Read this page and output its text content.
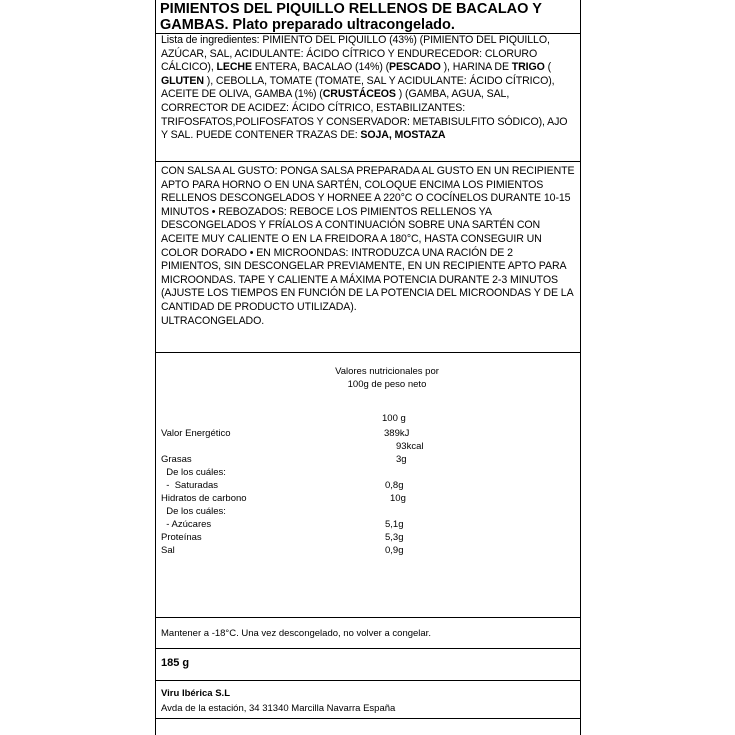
PIMIENTOS DEL PIQUILLO RELLENOS DE BACALAO Y
GAMBAS. Plato preparado ultracongelado.
Lista de ingredientes: PIMIENTO DEL PIQUILLO (43%) (PIMIENTO DEL PIQUILLO, AZÚCAR, SAL, ACIDULANTE: ÁCIDO CÍTRICO Y ENDURECEDOR: CLORURO CÁLCICO), LECHE ENTERA, BACALAO (14%) (PESCADO ), HARINA DE TRIGO ( GLUTEN ), CEBOLLA, TOMATE (TOMATE, SAL Y ACIDULANTE: ÁCIDO CÍTRICO), ACEITE DE OLIVA, GAMBA (1%) (CRUSTÁCEOS ) (GAMBA, AGUA, SAL, CORRECTOR DE ACIDEZ: ÁCIDO CÍTRICO, ESTABILIZANTES: TRIFOSFATOS,POLIFOSFATOS Y CONSERVADOR: METABISULFITO SÓDICO), AJO Y SAL. PUEDE CONTENER TRAZAS DE: SOJA, MOSTAZA
CON SALSA AL GUSTO: PONGA SALSA PREPARADA AL GUSTO EN UN RECIPIENTE APTO PARA HORNO O EN UNA SARTÉN, COLOQUE ENCIMA LOS PIMIENTOS RELLENOS DESCONGELADOS Y HORNEE A 220°C O COCÍNELOS DURANTE 10-15 MINUTOS • REBOZADOS: REBOCE LOS PIMIENTOS RELLENOS YA DESCONGELADOS Y FRÍALOS A CONTINUACIÓN SOBRE UNA SARTÉN CON ACEITE MUY CALIENTE O EN LA FREIDORA A 180°C, HASTA CONSEGUIR UN COLOR DORADO • EN MICROONDAS: INTRODUZCA UNA RACIÓN DE 2 PIMIENTOS, SIN DESCONGELAR PREVIAMENTE, EN UN RECIPIENTE APTO PARA MICROONDAS. TAPE Y CALIENTE A MÁXIMA POTENCIA DURANTE 2-3 MINUTOS (AJUSTE LOS TIEMPOS EN FUNCIÓN DE LA POTENCIA DEL MICROONDAS Y DE LA CANTIDAD DE PRODUCTO UTILIZADA).
ULTRACONGELADO.
Valores nutricionales por
100g de peso neto
100 g
Valor Energético	389kJ
93kcal
Grasas	3g
De los cuáles:
-  Saturadas	0,8g
Hidratos de carbono	10g
De los cuáles:
- Azúcares	5,1g
Proteínas	5,3g
Sal	0,9g
Mantener a -18°C. Una vez descongelado, no volver a congelar.
185 g
Viru Ibérica S.L
Avda de la estación, 34 31340 Marcilla Navarra España
